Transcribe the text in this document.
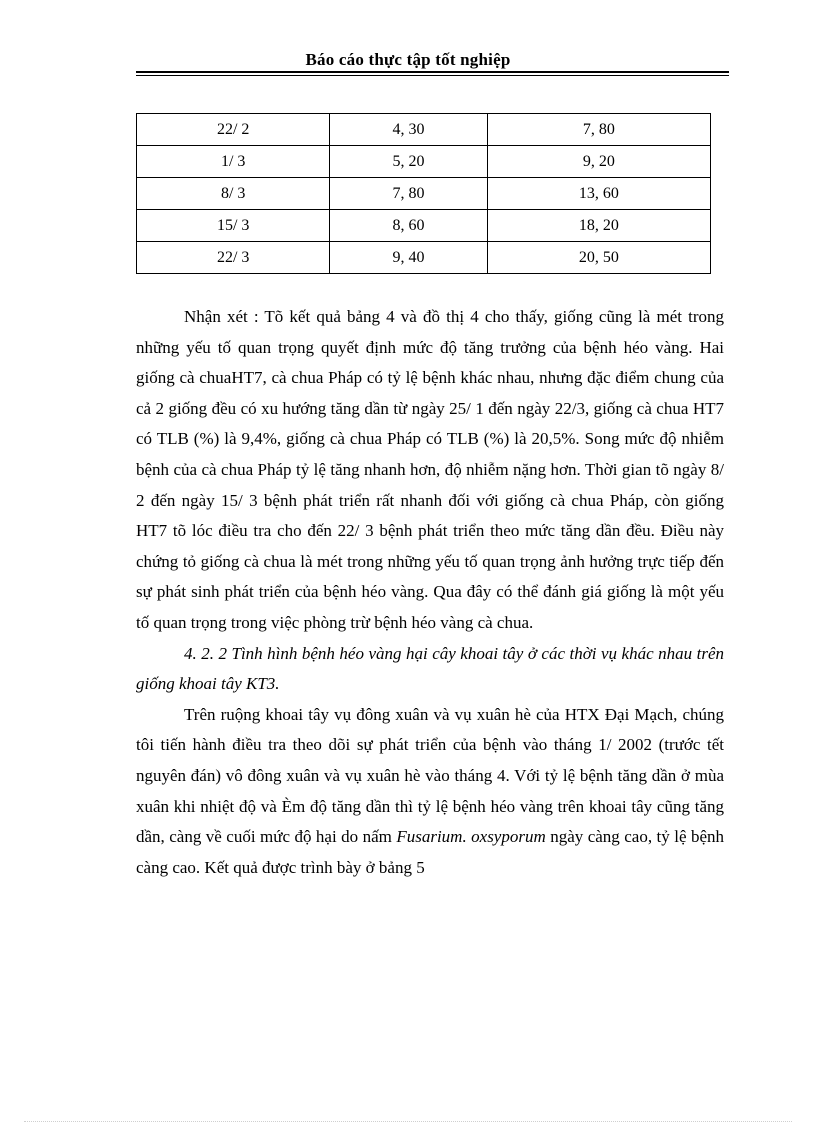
Báo cáo thực tập tốt nghiệp
22/ 2	4, 30	7, 80
1/ 3	5, 20	9, 20
8/ 3	7, 80	13, 60
15/ 3	8, 60	18, 20
22/ 3	9, 40	20, 50

Nhận xét : Tõ kết quả bảng 4 và đồ thị 4 cho thấy, giống cũng là mét trong những yếu tố quan trọng quyết định mức độ tăng trưởng của bệnh héo vàng. Hai giống cà chuaHT7, cà chua Pháp có tỷ lệ bệnh khác nhau, nhưng đặc điểm chung của cả 2 giống đều có xu hướng tăng dần từ ngày 25/ 1 đến ngày 22/3, giống cà chua HT7 có TLB (%) là 9,4%, giống cà chua Pháp có TLB (%) là 20,5%. Song mức độ nhiễm bệnh của cà chua Pháp tỷ lệ tăng nhanh hơn, độ nhiễm nặng hơn. Thời gian tõ ngày 8/ 2 đến ngày 15/ 3 bệnh phát triển rất nhanh đối với giống cà chua Pháp, còn giống HT7 tõ lóc điều tra cho đến 22/ 3 bệnh phát triển theo mức tăng dần đều. Điều này chứng tỏ giống cà chua là mét trong những yếu tố quan trọng ảnh hưởng trực tiếp đến sự phát sinh phát triển của bệnh héo vàng. Qua đây có thể đánh giá giống là một yếu tố quan trọng trong việc phòng trừ bệnh héo vàng cà chua.

4. 2. 2 Tình hình bệnh héo vàng hại cây khoai tây ở các thời vụ khác nhau trên giống khoai tây KT3.

Trên ruộng khoai tây vụ đông xuân và vụ xuân hè của HTX Đại Mạch, chúng tôi tiến hành điều tra theo dõi sự phát triển của bệnh vào tháng 1/ 2002 (trước tết nguyên đán) vô đông xuân và vụ xuân hè vào tháng 4. Với tỷ lệ bệnh tăng dần ở mùa xuân khi nhiệt độ và Èm độ tăng dần thì tỷ lệ bệnh héo vàng trên khoai tây cũng tăng dần, càng về cuối mức độ hại do nấm Fusarium. oxsyporum ngày càng cao, tỷ lệ bệnh càng cao. Kết quả được trình bày ở bảng 5
